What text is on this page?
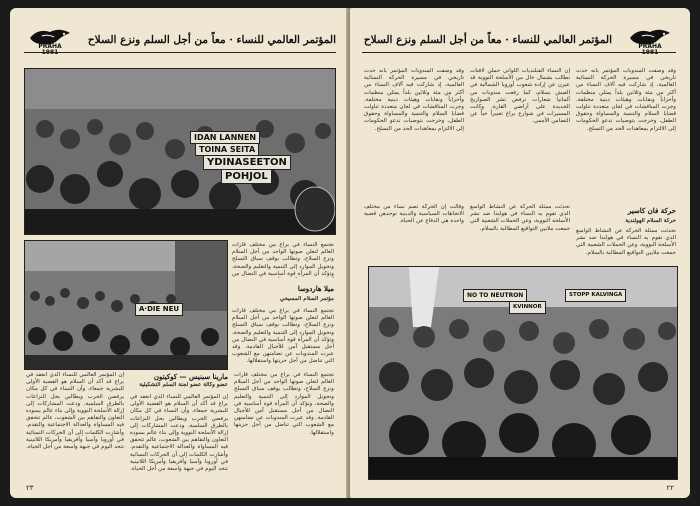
PRAHA
1981
المؤتمر العالمي للنساء · معاً من أجل السلم ونزع السلاح
IDAN LANNEN
TOINA SEITA
YDINASEETON
POHJOL
A·DIE NEU
تجتمع النساء في براغ من مختلف قارات العالم لتعلن صوتها الواحد من أجل السلام ونزع السلاح، وتطالب بوقف سباق التسلح وتحويل الموارد إلى التنمية والتعليم والصحة، وتؤكد أن المرأة قوة أساسية في النضال من
ميلا هاردوسا
مؤتمر السلام المسيحي
تجتمع النساء في براغ من مختلف قارات العالم لتعلن صوتها الواحد من أجل السلام ونزع السلاح، وتطالب بوقف سباق التسلح وتحويل الموارد إلى التنمية والتعليم والصحة، وتؤكد أن المرأة قوة أساسية في النضال من أجل مستقبل آمن للأجيال القادمة. وقد عبرت المندوبات عن تضامنهن مع الشعوب التي تناضل من أجل حريتها واستقلالها.
مارينا سبنيس — كوكيتون
عضو وكالة عضو لجنة السلم التشكيلية
إن المؤتمر العالمي للنساء الذي انعقد في براغ قد أكد أن السلام هو القضية الأولى للبشرية جمعاء، وأن النساء في كل مكان يرفضن الحرب ويطالبن بحل النزاعات بالطرق السلمية. ودعت المشاركات إلى إزالة الأسلحة النووية وإلى بناء عالم يسوده التعاون والتفاهم بين الشعوب، عالم تتحقق فيه المساواة والعدالة الاجتماعية والتقدم. وأشارت الكلمات إلى أن الحركات النسائية في أوروبا وآسيا وأفريقيا وأمريكا اللاتينية تتحد اليوم في جبهة واسعة من أجل الحياة.
إن المؤتمر العالمي للنساء الذي انعقد في براغ قد أكد أن السلام هو القضية الأولى للبشرية جمعاء، وأن النساء في كل مكان يرفضن الحرب ويطالبن بحل النزاعات بالطرق السلمية. ودعت المشاركات إلى إزالة الأسلحة النووية وإلى بناء عالم يسوده التعاون والتفاهم بين الشعوب، عالم تتحقق فيه المساواة والعدالة الاجتماعية والتقدم. وأشارت الكلمات إلى أن الحركات النسائية في أوروبا وآسيا وأفريقيا وأمريكا اللاتينية تتحد اليوم في جبهة واسعة من أجل الحياة.
تجتمع النساء في براغ من مختلف قارات العالم لتعلن صوتها الواحد من أجل السلام ونزع السلاح، وتطالب بوقف سباق التسلح وتحويل الموارد إلى التنمية والتعليم والصحة، وتؤكد أن المرأة قوة أساسية في النضال من أجل مستقبل آمن للأجيال القادمة. وقد عبرت المندوبات عن تضامنهن مع الشعوب التي تناضل من أجل حريتها واستقلالها.
٢٣
PRAHA
1981
المؤتمر العالمي للنساء · معاً من أجل السلم ونزع السلاح
وقد وصفت المندوبات المؤتمر بأنه حدث تاريخي في مسيرة الحركة النسائية العالمية، إذ شاركت فيه آلاف النساء من أكثر من مئة وثلاثين بلداً يمثلن منظمات وأحزاباً ونقابات وهيئات دينية مختلفة. وجرت المناقشات في لجان متعددة تناولت قضايا السلام والتنمية والمساواة وحقوق الطفل، وخرجت بتوصيات تدعو الحكومات إلى الالتزام بمعاهدات الحد من التسلح.
إن النساء الفنلنديات اللواتي حملن لافتات تطالب بشمال خال من الأسلحة النووية قد عبرن عن إرادة شعوب أوروبا الشمالية في العيش بسلام، كما رفعت مندوبات من ألمانيا شعارات ترفض نشر الصواريخ الجديدة على أراضي القارة. وكانت المسيرات في شوارع براغ تعبيراً حياً عن التضامن الأممي.
وقد وصفت المندوبات المؤتمر بأنه حدث تاريخي في مسيرة الحركة النسائية العالمية، إذ شاركت فيه آلاف النساء من أكثر من مئة وثلاثين بلداً يمثلن منظمات وأحزاباً ونقابات وهيئات دينية مختلفة. وجرت المناقشات في لجان متعددة تناولت قضايا السلام والتنمية والمساواة وحقوق الطفل، وخرجت بتوصيات تدعو الحكومات إلى الالتزام بمعاهدات الحد من التسلح.
وقالت إن الحركة تضم نساء من مختلف الاتجاهات السياسية والدينية توحدهن قضية واحدة هي الدفاع عن الحياة.
تحدثت ممثلة الحركة عن النشاط الواسع الذي تقوم به النساء في هولندا ضد نشر الأسلحة النووية، وعن الحملات الشعبية التي جمعت ملايين التواقيع المطالبة بالسلام.
حركة فان كاسير
حركة السلام الهولندية
تحدثت ممثلة الحركة عن النشاط الواسع الذي تقوم به النساء في هولندا ضد نشر الأسلحة النووية، وعن الحملات الشعبية التي جمعت ملايين التواقيع المطالبة بالسلام.
NO TO NEUTRON	STOPP KALVINGA
KVINNOR
٢٢
